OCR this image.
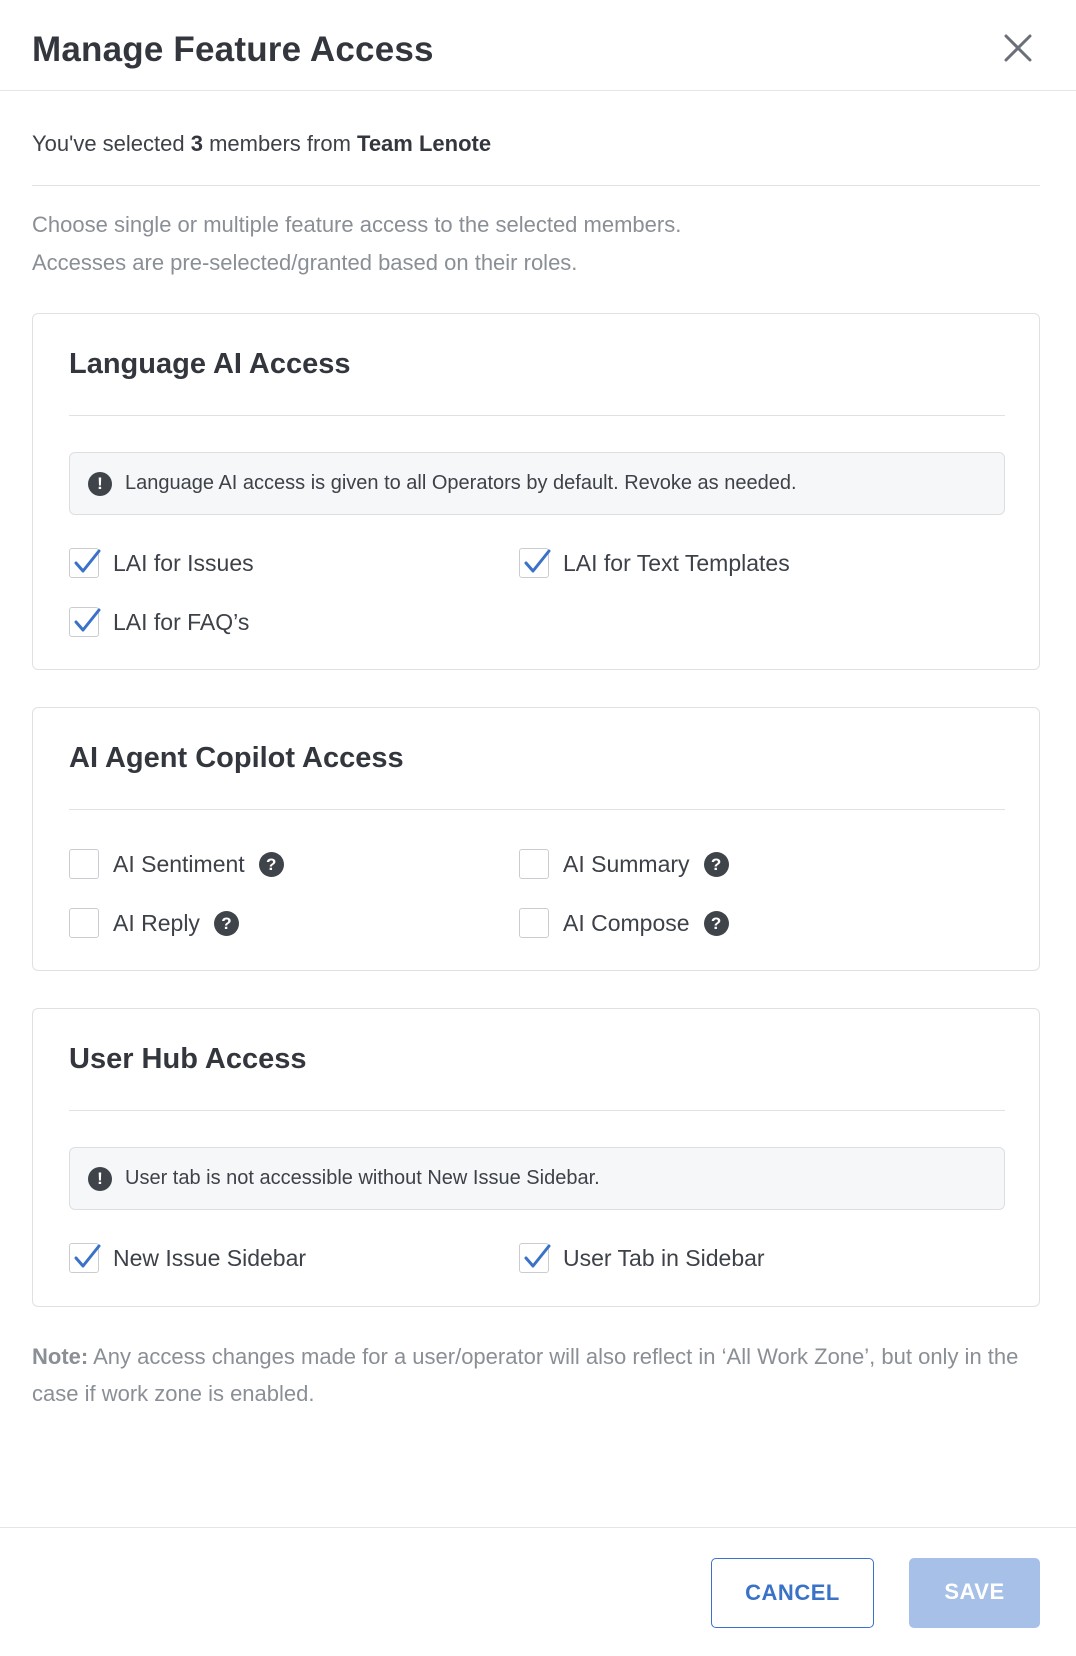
Manage Feature Access
You've selected 3 members from Team Lenote
Choose single or multiple feature access to the selected members.
Accesses are pre-selected/granted based on their roles.
Language AI Access
!	Language AI access is given to all Operators by default. Revoke as needed.
LAI for Issues	LAI for Text Templates
LAI for FAQ’s
AI Agent Copilot Access
AI Sentiment	?	AI Summary	?
AI Reply	?	AI Compose	?
User Hub Access
!	User tab is not accessible without New Issue Sidebar.
New Issue Sidebar	User Tab in Sidebar
Note: Any access changes made for a user/operator will also reflect in ‘All Work Zone’, but only in the case if work zone is enabled.
CANCEL	SAVE
